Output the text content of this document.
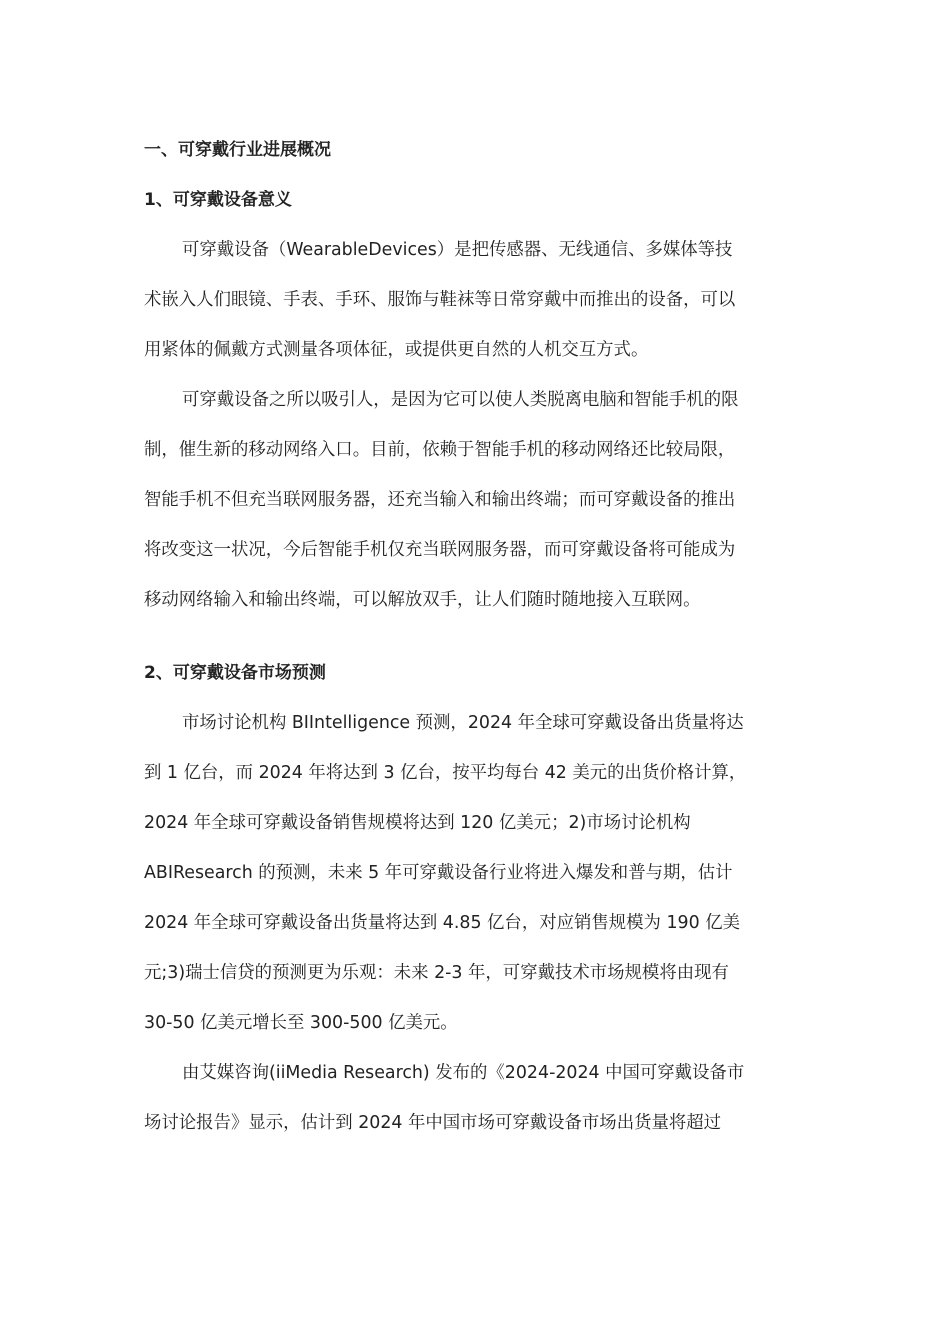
一、可穿戴行业进展概况
1、可穿戴设备意义
可穿戴设备（WearableDevices）是把传感器、无线通信、多媒体等技
术嵌入人们眼镜、手表、手环、服饰与鞋袜等日常穿戴中而推出的设备，可以
用紧体的佩戴方式测量各项体征，或提供更自然的人机交互方式。
可穿戴设备之所以吸引人，是因为它可以使人类脱离电脑和智能手机的限
制，催生新的移动网络入口。目前，依赖于智能手机的移动网络还比较局限，
智能手机不但充当联网服务器，还充当输入和输出终端；而可穿戴设备的推出
将改变这一状况，今后智能手机仅充当联网服务器，而可穿戴设备将可能成为
移动网络输入和输出终端，可以解放双手，让人们随时随地接入互联网。
2、可穿戴设备市场预测
市场讨论机构 BIIntelligence 预测，2024 年全球可穿戴设备出货量将达
到 1 亿台，而 2024 年将达到 3 亿台，按平均每台 42 美元的出货价格计算，
2024 年全球可穿戴设备销售规模将达到 120 亿美元；2)市场讨论机构
ABIResearch 的预测，未来 5 年可穿戴设备行业将进入爆发和普与期，估计
2024 年全球可穿戴设备出货量将达到 4.85 亿台，对应销售规模为 190 亿美
元;3)瑞士信贷的预测更为乐观：未来 2-3 年，可穿戴技术市场规模将由现有
30-50 亿美元增长至 300-500 亿美元。
由艾媒咨询(iiMedia Research) 发布的《2024-2024 中国可穿戴设备市
场讨论报告》显示，估计到 2024 年中国市场可穿戴设备市场出货量将超过
